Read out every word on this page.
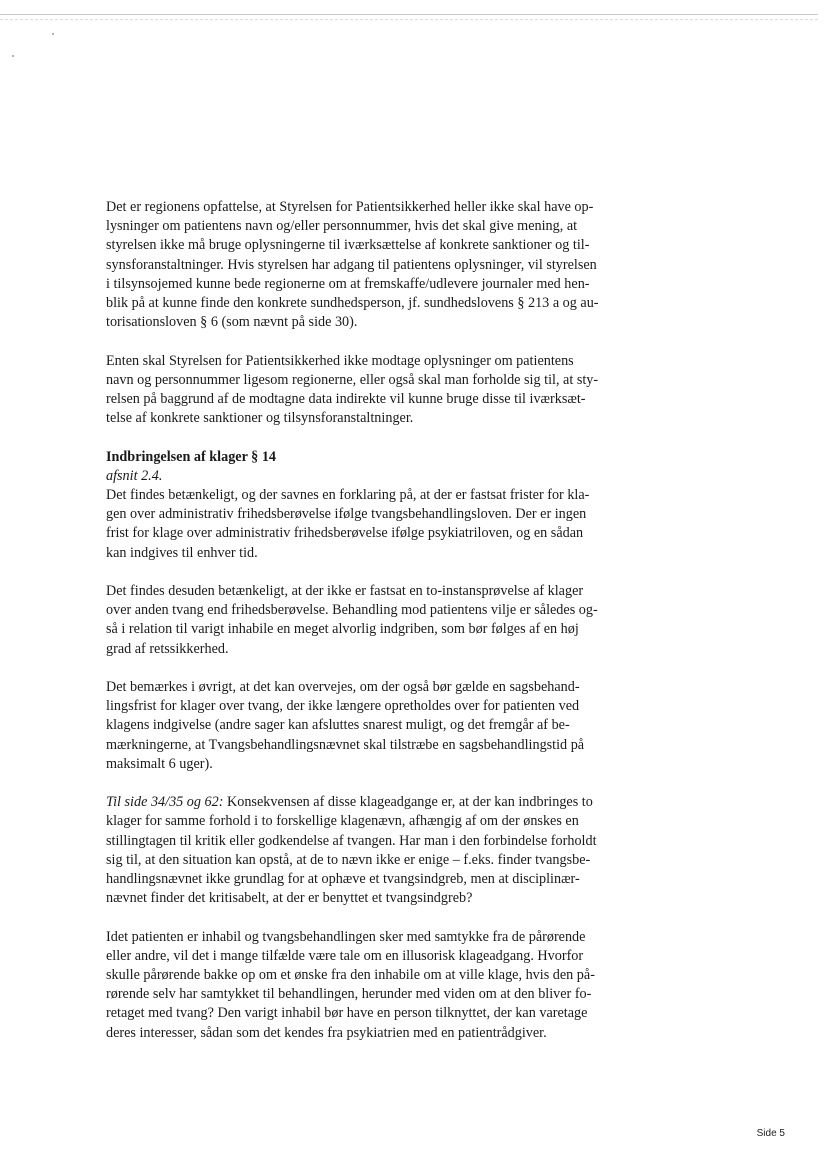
Det er regionens opfattelse, at Styrelsen for Patientsikkerhed heller ikke skal have op-
lysninger om patientens navn og/eller personnummer, hvis det skal give mening, at
styrelsen ikke må bruge oplysningerne til iværksættelse af konkrete sanktioner og til-
synsforanstaltninger. Hvis styrelsen har adgang til patientens oplysninger, vil styrelsen
i tilsynsojemed kunne bede regionerne om at fremskaffe/udlevere journaler med hen-
blik på at kunne finde den konkrete sundhedsperson, jf. sundhedslovens § 213 a og au-
torisationsloven § 6 (som nævnt på side 30).

Enten skal Styrelsen for Patientsikkerhed ikke modtage oplysninger om patientens
navn og personnummer ligesom regionerne, eller også skal man forholde sig til, at sty-
relsen på baggrund af de modtagne data indirekte vil kunne bruge disse til iværksæt-
telse af konkrete sanktioner og tilsynsforanstaltninger.

Indbringelsen af klager § 14
afsnit 2.4.

Det findes betænkeligt, og der savnes en forklaring på, at der er fastsat frister for kla-
gen over administrativ frihedsberøvelse ifølge tvangsbehandlingsloven. Der er ingen
frist for klage over administrativ frihedsberøvelse ifølge psykiatriloven, og en sådan
kan indgives til enhver tid.

Det findes desuden betænkeligt, at der ikke er fastsat en to-instansprøvelse af klager
over anden tvang end frihedsberøvelse. Behandling mod patientens vilje er således og-
så i relation til varigt inhabile en meget alvorlig indgriben, som bør følges af en høj
grad af retssikkerhed.

Det bemærkes i øvrigt, at det kan overvejes, om der også bør gælde en sagsbehand-
lingsfrist for klager over tvang, der ikke længere opretholdes over for patienten ved
klagens indgivelse (andre sager kan afsluttes snarest muligt, og det fremgår af be-
mærkningerne, at Tvangsbehandlingsnævnet skal tilstræbe en sagsbehandlingstid på
maksimalt 6 uger).

Til side 34/35 og 62: Konsekvensen af disse klageadgange er, at der kan indbringes to
klager for samme forhold i to forskellige klagenævn, afhængig af om der ønskes en
stillingtagen til kritik eller godkendelse af tvangen. Har man i den forbindelse forholdt
sig til, at den situation kan opstå, at de to nævn ikke er enige – f.eks. finder tvangsbe-
handlingsnævnet ikke grundlag for at ophæve et tvangsindgreb, men at disciplinær-
nævnet finder det kritisabelt, at der er benyttet et tvangsindgreb?

Idet patienten er inhabil og tvangsbehandlingen sker med samtykke fra de pårørende
eller andre, vil det i mange tilfælde være tale om en illusorisk klageadgang. Hvorfor
skulle pårørende bakke op om et ønske fra den inhabile om at ville klage, hvis den på-
rørende selv har samtykket til behandlingen, herunder med viden om at den bliver fo-
retaget med tvang? Den varigt inhabil bør have en person tilknyttet, der kan varetage
deres interesser, sådan som det kendes fra psykiatrien med en patientrådgiver.

Side 5
